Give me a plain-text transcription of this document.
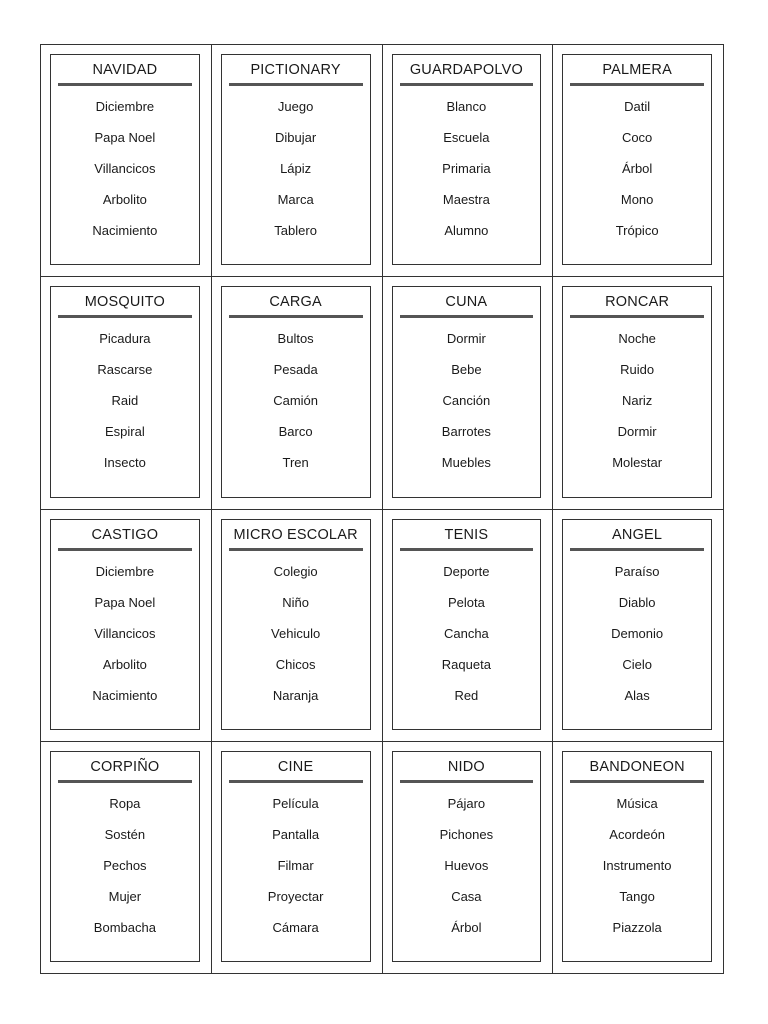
NAVIDAD
Diciembre
Papa Noel
Villancicos
Arbolito
Nacimiento
PICTIONARY
Juego
Dibujar
Lápiz
Marca
Tablero
GUARDAPOLVO
Blanco
Escuela
Primaria
Maestra
Alumno
PALMERA
Datil
Coco
Árbol
Mono
Trópico
MOSQUITO
Picadura
Rascarse
Raid
Espiral
Insecto
CARGA
Bultos
Pesada
Camión
Barco
Tren
CUNA
Dormir
Bebe
Canción
Barrotes
Muebles
RONCAR
Noche
Ruido
Nariz
Dormir
Molestar
CASTIGO
Diciembre
Papa Noel
Villancicos
Arbolito
Nacimiento
MICRO ESCOLAR
Colegio
Niño
Vehiculo
Chicos
Naranja
TENIS
Deporte
Pelota
Cancha
Raqueta
Red
ANGEL
Paraíso
Diablo
Demonio
Cielo
Alas
CORPIÑO
Ropa
Sostén
Pechos
Mujer
Bombacha
CINE
Película
Pantalla
Filmar
Proyectar
Cámara
NIDO
Pájaro
Pichones
Huevos
Casa
Árbol
BANDONEON
Música
Acordeón
Instrumento
Tango
Piazzola
